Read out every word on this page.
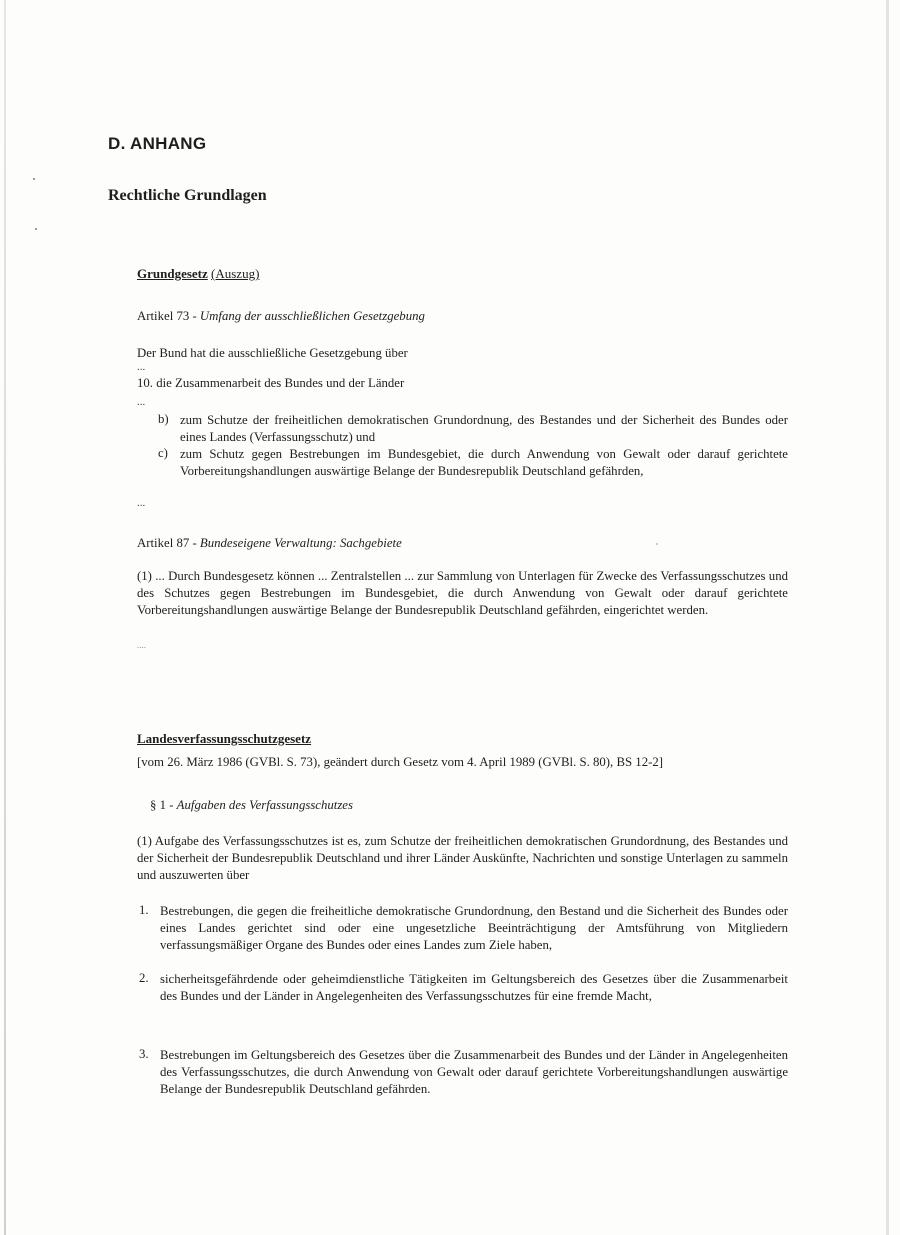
D. ANHANG
Rechtliche Grundlagen
Grundgesetz (Auszug)
Artikel 73 - Umfang der ausschließlichen Gesetzgebung
Der Bund hat die ausschließliche Gesetzgebung über
...
10. die Zusammenarbeit des Bundes und der Länder
...
b) zum Schutze der freiheitlichen demokratischen Grundordnung, des Bestandes und der Sicherheit des Bundes oder eines Landes (Verfassungsschutz) und
c) zum Schutz gegen Bestrebungen im Bundesgebiet, die durch Anwendung von Gewalt oder darauf gerichtete Vorbereitungshandlungen auswärtige Belange der Bundesrepublik Deutschland gefährden,
...
Artikel 87 - Bundeseigene Verwaltung: Sachgebiete
(1) ... Durch Bundesgesetz können ... Zentralstellen ... zur Sammlung von Unterlagen für Zwecke des Verfassungsschutzes und des Schutzes gegen Bestrebungen im Bundesgebiet, die durch Anwendung von Gewalt oder darauf gerichtete Vorbereitungshandlungen auswärtige Belange der Bundesrepublik Deutschland gefährden, eingerichtet werden.
....
Landesverfassungsschutzgesetz
[vom 26. März 1986 (GVBl. S. 73), geändert durch Gesetz vom 4. April 1989 (GVBl. S. 80), BS 12-2]
§ 1 - Aufgaben des Verfassungsschutzes
(1) Aufgabe des Verfassungsschutzes ist es, zum Schutze der freiheitlichen demokratischen Grundordnung, des Bestandes und der Sicherheit der Bundesrepublik Deutschland und ihrer Länder Auskünfte, Nachrichten und sonstige Unterlagen zu sammeln und auszuwerten über
1. Bestrebungen, die gegen die freiheitliche demokratische Grundordnung, den Bestand und die Sicherheit des Bundes oder eines Landes gerichtet sind oder eine ungesetzliche Beeinträchtigung der Amtsführung von Mitgliedern verfassungsmäßiger Organe des Bundes oder eines Landes zum Ziele haben,
2. sicherheitsgefährdende oder geheimdienstliche Tätigkeiten im Geltungsbereich des Gesetzes über die Zusammenarbeit des Bundes und der Länder in Angelegenheiten des Verfassungsschutzes für eine fremde Macht,
3. Bestrebungen im Geltungsbereich des Gesetzes über die Zusammenarbeit des Bundes und der Länder in Angelegenheiten des Verfassungsschutzes, die durch Anwendung von Gewalt oder darauf gerichtete Vorbereitungshandlungen auswärtige Belange der Bundesrepublik Deutschland gefährden.
